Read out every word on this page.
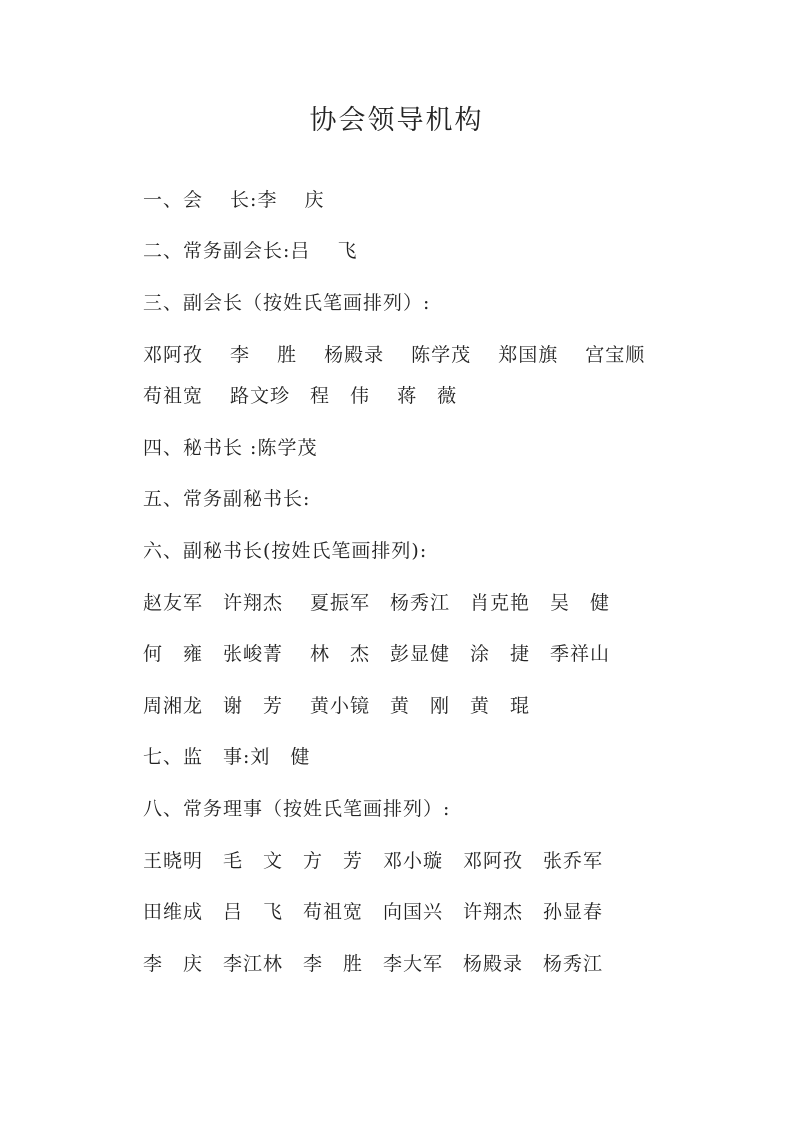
协会领导机构

一、会　 长:李　 庆

二、常务副会长:吕　 飞

三、副会长（按姓氏笔画排列）:

邓阿孜　 李　 胜　 杨殿录　 陈学茂　 郑国旗　 宫宝顺

苟祖宽　 路文珍　程　伟　 蒋　薇

四、秘书长 :陈学茂

五、常务副秘书长:

六、副秘书长(按姓氏笔画排列):

赵友军　许翔杰　 夏振军　杨秀江　肖克艳　吴　健

何　雍　张峻菁　 林　杰　彭显健　涂　捷　季祥山

周湘龙　谢　芳　 黄小镜　黄　刚　黄　琨

七、监　事:刘　健

八、常务理事（按姓氏笔画排列）:

王晓明　毛　文　方　芳　邓小璇　邓阿孜　张乔军

田维成　吕　飞　苟祖宽　向国兴　许翔杰　孙显春

李　庆　李江林　李　胜　李大军　杨殿录　杨秀江
